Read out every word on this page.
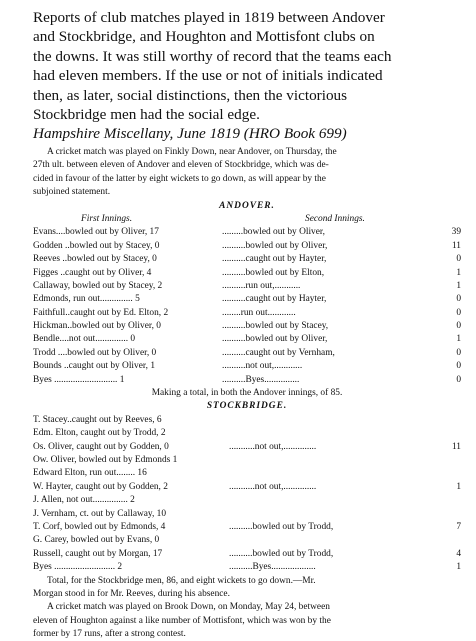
Reports of club matches played in 1819 between Andover
and Stockbridge, and Houghton and Mottisfont clubs on
the downs. It was still worthy of record that the teams each
had eleven members. If the use or not of initials indicated
then, as later, social distinctions, then the victorious
Stockbridge men had the social edge.
Hampshire Miscellany, June 1819 (HRO Book 699)
A cricket match was played on Finkly Down, near Andover, on Thursday, the
27th ult. between eleven of Andover and eleven of Stockbridge, which was de-
cided in favour of the latter by eight wickets to go down, as will appear by the
subjoined statement.
ANDOVER.
First Innings.	Second Innings.
Evans....bowled out by Oliver, 17	.........bowled out by Oliver,	39
Godden ..bowled out by Stacey, 0	..........bowled out by Oliver,	11
Reeves ..bowled out by Stacey, 0	..........caught out by Hayter,	0
Figges ..caught out by Oliver, 4	..........bowled out by Elton,	1
Callaway, bowled out by Stacey, 2	..........run out,...........	1
Edmonds, run out.............. 5	..........caught out by Hayter,	0
Faithfull..caught out by Ed. Elton, 2	........run out............	0
Hickman..bowled out by Oliver, 0	..........bowled out by Stacey,	0
Bendle....not out.............. 0	..........bowled out by Oliver,	1
Trodd ....bowled out by Oliver, 0	..........caught out by Vernham,	0
Bounds ..caught out by Oliver, 1	..........not out,............	0
Byes ........................... 1	..........Byes...............	0
Making a total, in both the Andover innings, of 85.
STOCKBRIDGE.
T. Stacey..caught out by Reeves, 6
Edm. Elton, caught out by Trodd, 2
Os. Oliver, caught out by Godden, 0	...........not out,..............	11
Ow. Oliver, bowled out by Edmonds 1
Edward Elton, run out........ 16
W. Hayter, caught out by Godden, 2	...........not out,..............	1
J. Allen, not out............... 2
J. Vernham, ct. out by Callaway, 10
T. Corf, bowled out by Edmonds, 4	..........bowled out by Trodd,	7
G. Carey, bowled out by Evans, 0
Russell, caught out by Morgan, 17	..........bowled out by Trodd,	4
Byes .......................... 2	..........Byes...................	1
Total, for the Stockbridge men, 86, and eight wickets to go down.—Mr.
Morgan stood in for Mr. Reeves, during his absence.
A cricket match was played on Brook Down, on Monday, May 24, between
eleven of Houghton against a like number of Mottisfont, which was won by the
former by 17 runs, after a strong contest.
